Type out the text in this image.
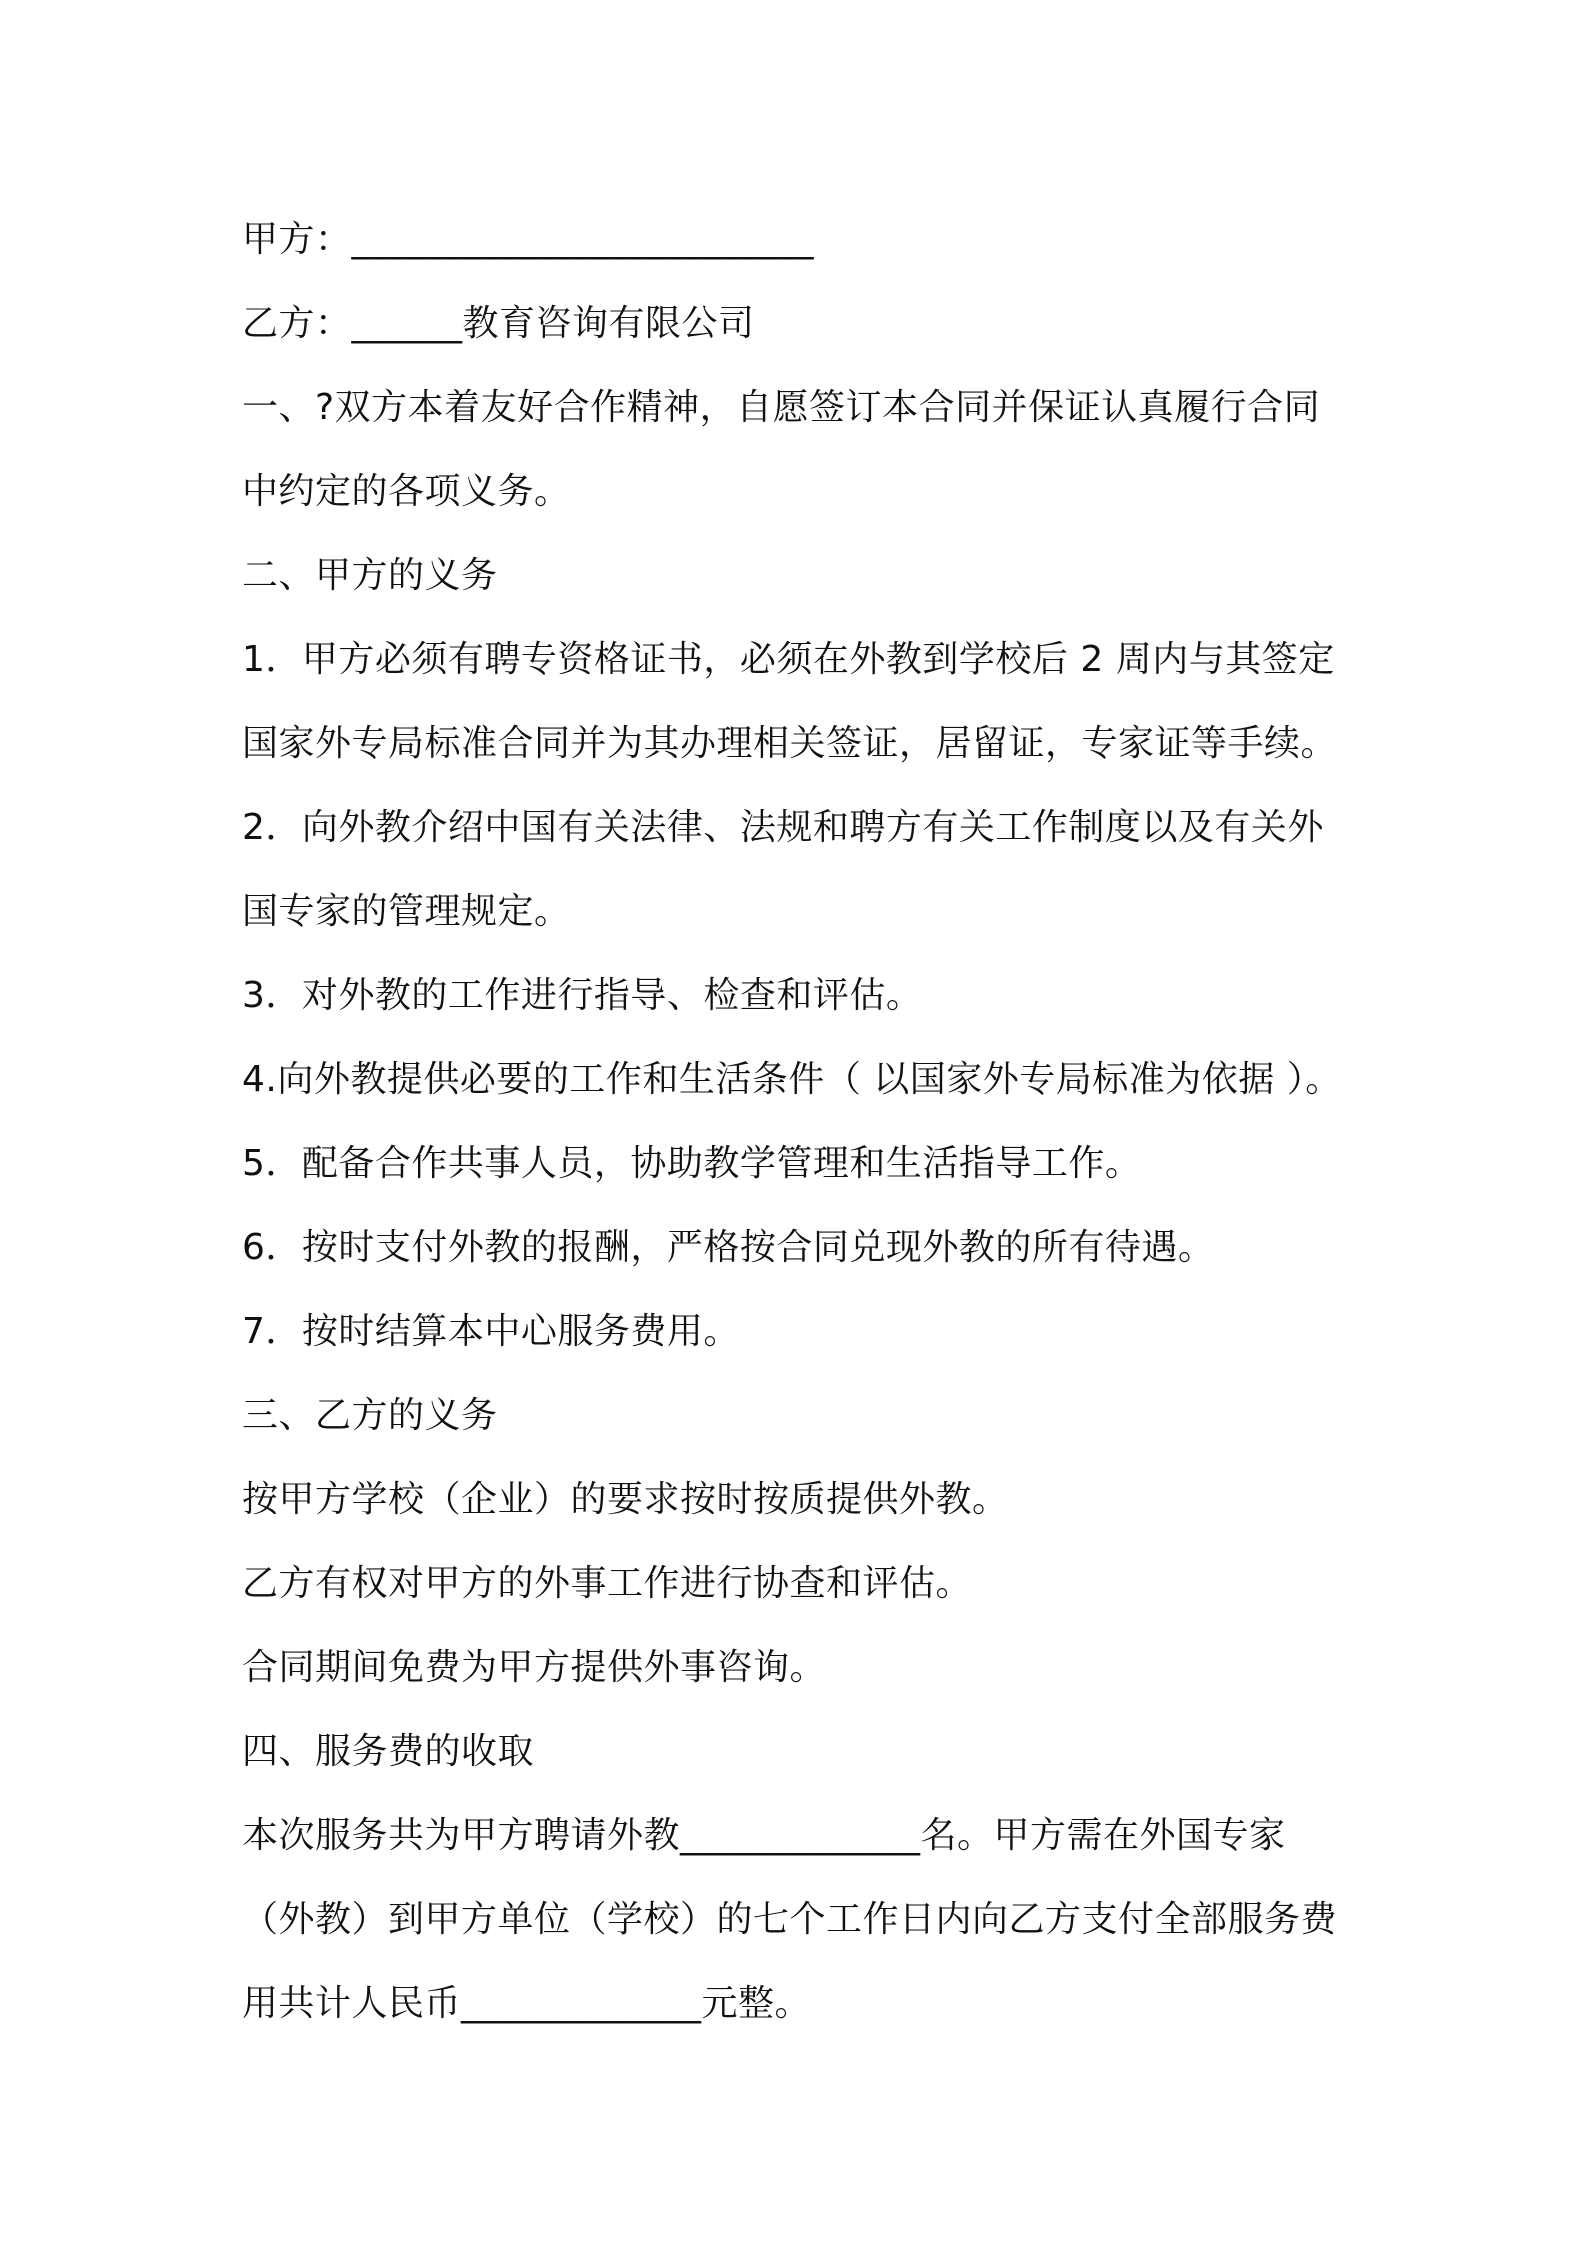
甲方：_________________________
乙方：______教育咨询有限公司
一、?双方本着友好合作精神，自愿签订本合同并保证认真履行合同
中约定的各项义务。
二、甲方的义务
1．甲方必须有聘专资格证书，必须在外教到学校后 2 周内与其签定
国家外专局标准合同并为其办理相关签证，居留证，专家证等手续。
2．向外教介绍中国有关法律、法规和聘方有关工作制度以及有关外
国专家的管理规定。
3．对外教的工作进行指导、检查和评估。
4.向外教提供必要的工作和生活条件（ 以国家外专局标准为依据 ）。
5．配备合作共事人员，协助教学管理和生活指导工作。
6．按时支付外教的报酬，严格按合同兑现外教的所有待遇。
7．按时结算本中心服务费用。
三、乙方的义务
按甲方学校（企业）的要求按时按质提供外教。
乙方有权对甲方的外事工作进行协查和评估。
合同期间免费为甲方提供外事咨询。
四、服务费的收取
本次服务共为甲方聘请外教_____________名。甲方需在外国专家
（外教）到甲方单位（学校）的七个工作日内向乙方支付全部服务费
用共计人民币_____________元整。
